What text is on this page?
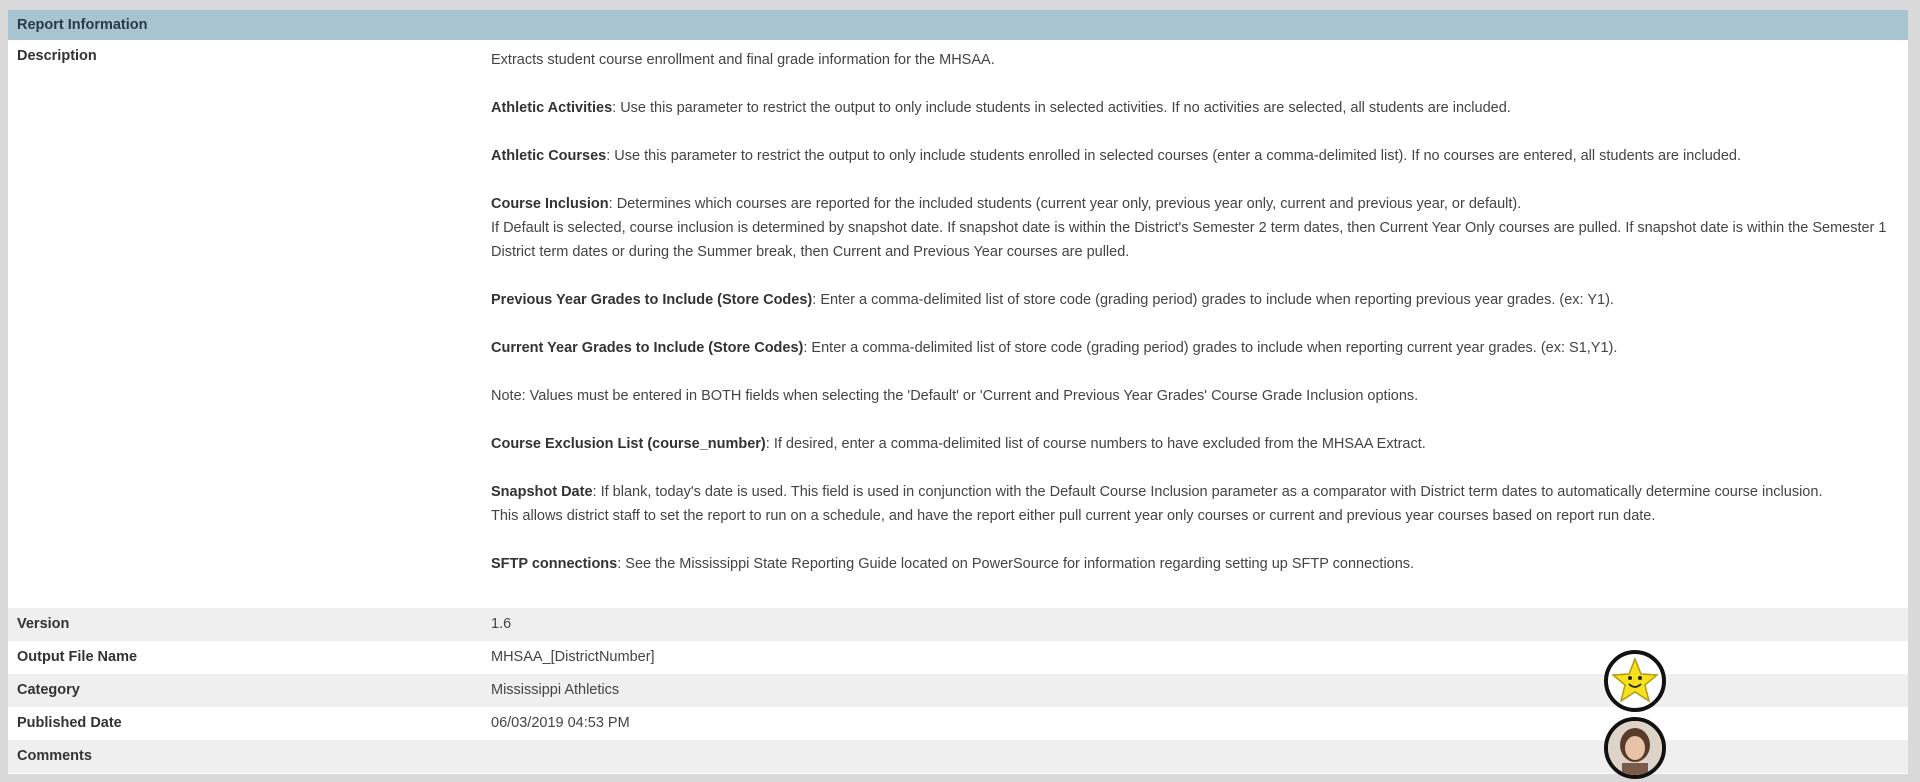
Report Information
Description	Extracts student course enrollment and final grade information for the MHSAA.

Athletic Activities: Use this parameter to restrict the output to only include students in selected activities. If no activities are selected, all students are included.

Athletic Courses: Use this parameter to restrict the output to only include students enrolled in selected courses (enter a comma-delimited list). If no courses are entered, all students are included.

Course Inclusion: Determines which courses are reported for the included students (current year only, previous year only, current and previous year, or default).
If Default is selected, course inclusion is determined by snapshot date. If snapshot date is within the District's Semester 2 term dates, then Current Year Only courses are pulled. If snapshot date is within the Semester 1 District term dates or during the Summer break, then Current and Previous Year courses are pulled.

Previous Year Grades to Include (Store Codes): Enter a comma-delimited list of store code (grading period) grades to include when reporting previous year grades. (ex: Y1).

Current Year Grades to Include (Store Codes): Enter a comma-delimited list of store code (grading period) grades to include when reporting current year grades. (ex: S1,Y1).

Note: Values must be entered in BOTH fields when selecting the 'Default' or 'Current and Previous Year Grades' Course Grade Inclusion options.

Course Exclusion List (course_number): If desired, enter a comma-delimited list of course numbers to have excluded from the MHSAA Extract.

Snapshot Date: If blank, today's date is used. This field is used in conjunction with the Default Course Inclusion parameter as a comparator with District term dates to automatically determine course inclusion.
This allows district staff to set the report to run on a schedule, and have the report either pull current year only courses or current and previous year courses based on report run date.

SFTP connections: See the Mississippi State Reporting Guide located on PowerSource for information regarding setting up SFTP connections.

Version	1.6
Output File Name	MHSAA_[DistrictNumber]
Category	Mississippi Athletics
Published Date	06/03/2019 04:53 PM
Comments
